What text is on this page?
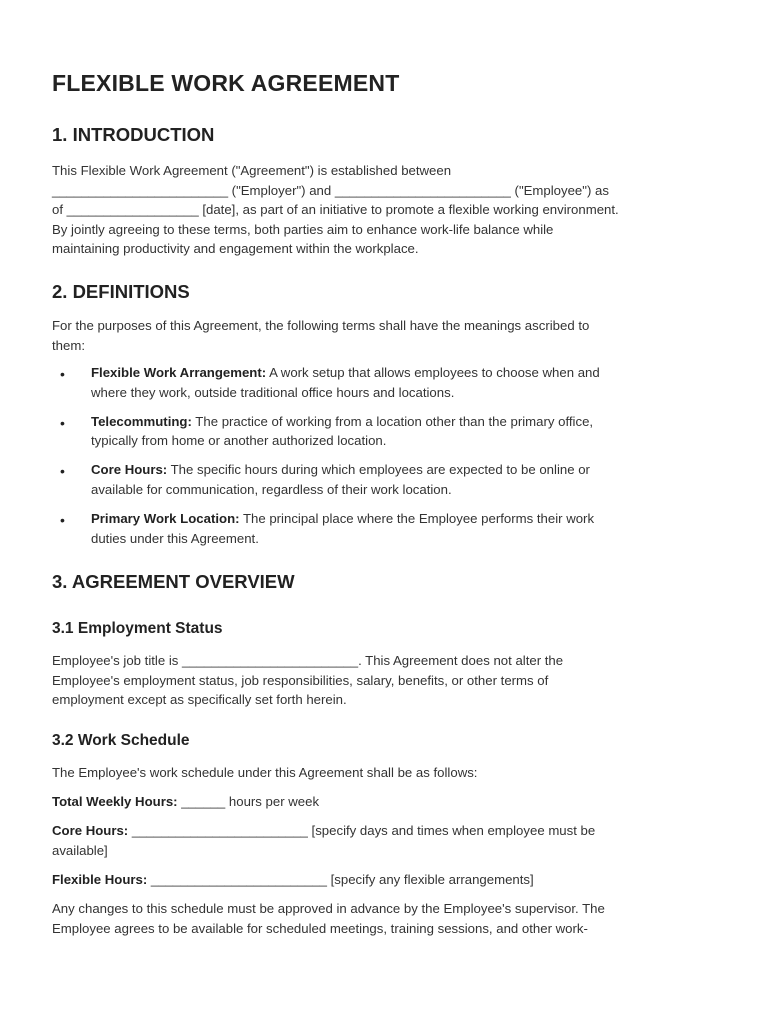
FLEXIBLE WORK AGREEMENT
1. INTRODUCTION
This Flexible Work Agreement ("Agreement") is established between
________________________ ("Employer") and ________________________ ("Employee") as
of __________________ [date], as part of an initiative to promote a flexible working environment.
By jointly agreeing to these terms, both parties aim to enhance work-life balance while
maintaining productivity and engagement within the workplace.
2. DEFINITIONS
For the purposes of this Agreement, the following terms shall have the meanings ascribed to
them:
• Flexible Work Arrangement: A work setup that allows employees to choose when and
where they work, outside traditional office hours and locations.
• Telecommuting: The practice of working from a location other than the primary office,
typically from home or another authorized location.
• Core Hours: The specific hours during which employees are expected to be online or
available for communication, regardless of their work location.
• Primary Work Location: The principal place where the Employee performs their work
duties under this Agreement.
3. AGREEMENT OVERVIEW
3.1 Employment Status
Employee's job title is ________________________. This Agreement does not alter the
Employee's employment status, job responsibilities, salary, benefits, or other terms of
employment except as specifically set forth herein.
3.2 Work Schedule
The Employee's work schedule under this Agreement shall be as follows:
Total Weekly Hours: ______ hours per week
Core Hours: ________________________ [specify days and times when employee must be
available]
Flexible Hours: ________________________ [specify any flexible arrangements]
Any changes to this schedule must be approved in advance by the Employee's supervisor. The
Employee agrees to be available for scheduled meetings, training sessions, and other work-
